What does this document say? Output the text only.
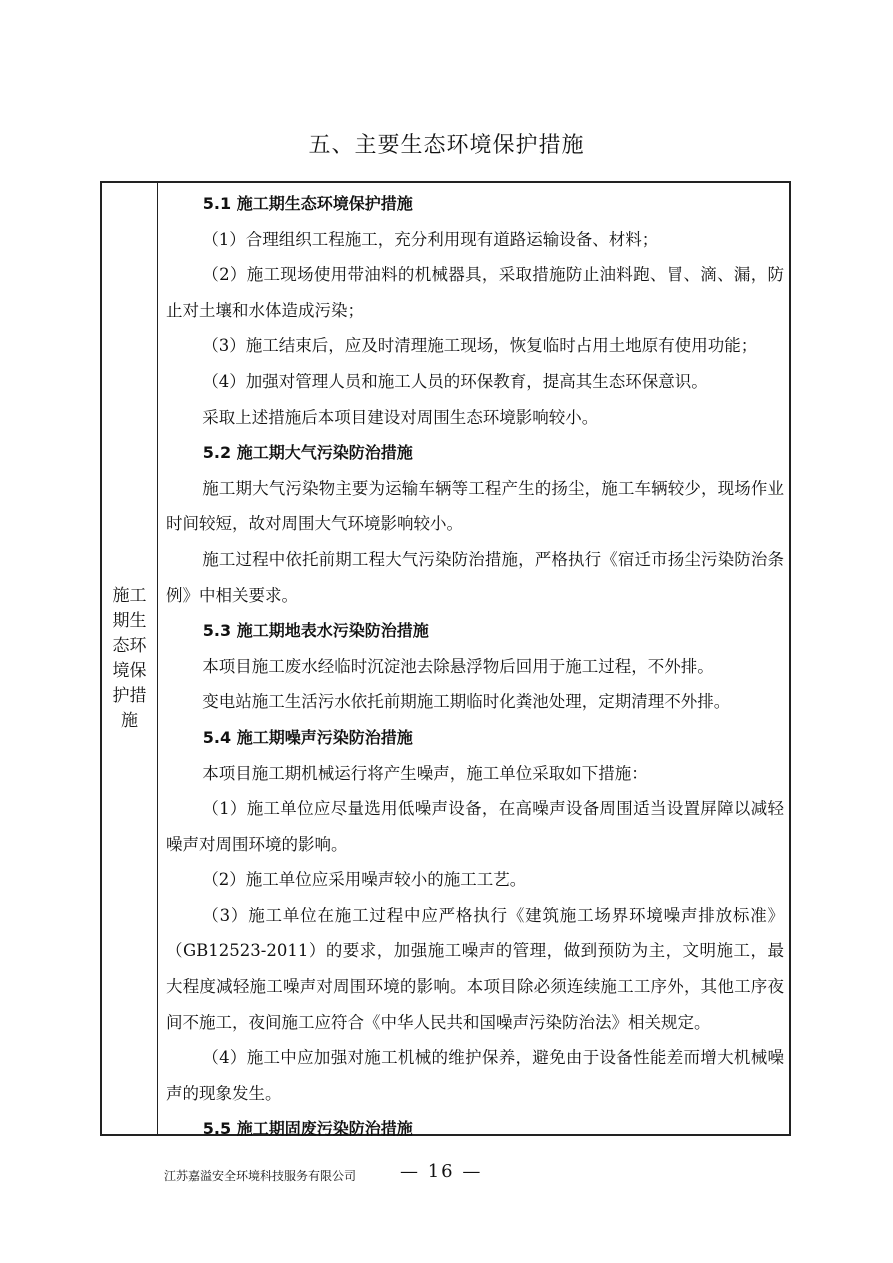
五、主要生态环境保护措施
施工期生态环境保护措施

5.1 施工期生态环境保护措施

（1）合理组织工程施工，充分利用现有道路运输设备、材料；

（2）施工现场使用带油料的机械器具，采取措施防止油料跑、冒、滴、漏，防止对土壤和水体造成污染；

（3）施工结束后，应及时清理施工现场，恢复临时占用土地原有使用功能；

（4）加强对管理人员和施工人员的环保教育，提高其生态环保意识。

采取上述措施后本项目建设对周围生态环境影响较小。

5.2 施工期大气污染防治措施

施工期大气污染物主要为运输车辆等工程产生的扬尘，施工车辆较少，现场作业时间较短，故对周围大气环境影响较小。

施工过程中依托前期工程大气污染防治措施，严格执行《宿迁市扬尘污染防治条例》中相关要求。

5.3 施工期地表水污染防治措施

本项目施工废水经临时沉淀池去除悬浮物后回用于施工过程，不外排。

变电站施工生活污水依托前期施工期临时化粪池处理，定期清理不外排。

5.4 施工期噪声污染防治措施

本项目施工期机械运行将产生噪声，施工单位采取如下措施：

（1）施工单位应尽量选用低噪声设备，在高噪声设备周围适当设置屏障以减轻噪声对周围环境的影响。

（2）施工单位应采用噪声较小的施工工艺。

（3）施工单位在施工过程中应严格执行《建筑施工场界环境噪声排放标准》（GB12523-2011）的要求，加强施工噪声的管理，做到预防为主，文明施工，最大程度减轻施工噪声对周围环境的影响。本项目除必须连续施工工序外，其他工序夜间不施工，夜间施工应符合《中华人民共和国噪声污染防治法》相关规定。

（4）施工中应加强对施工机械的维护保养，避免由于设备性能差而增大机械噪声的现象发生。

5.5 施工期固废污染防治措施

江苏嘉溢安全环境科技服务有限公司 — 16 —
